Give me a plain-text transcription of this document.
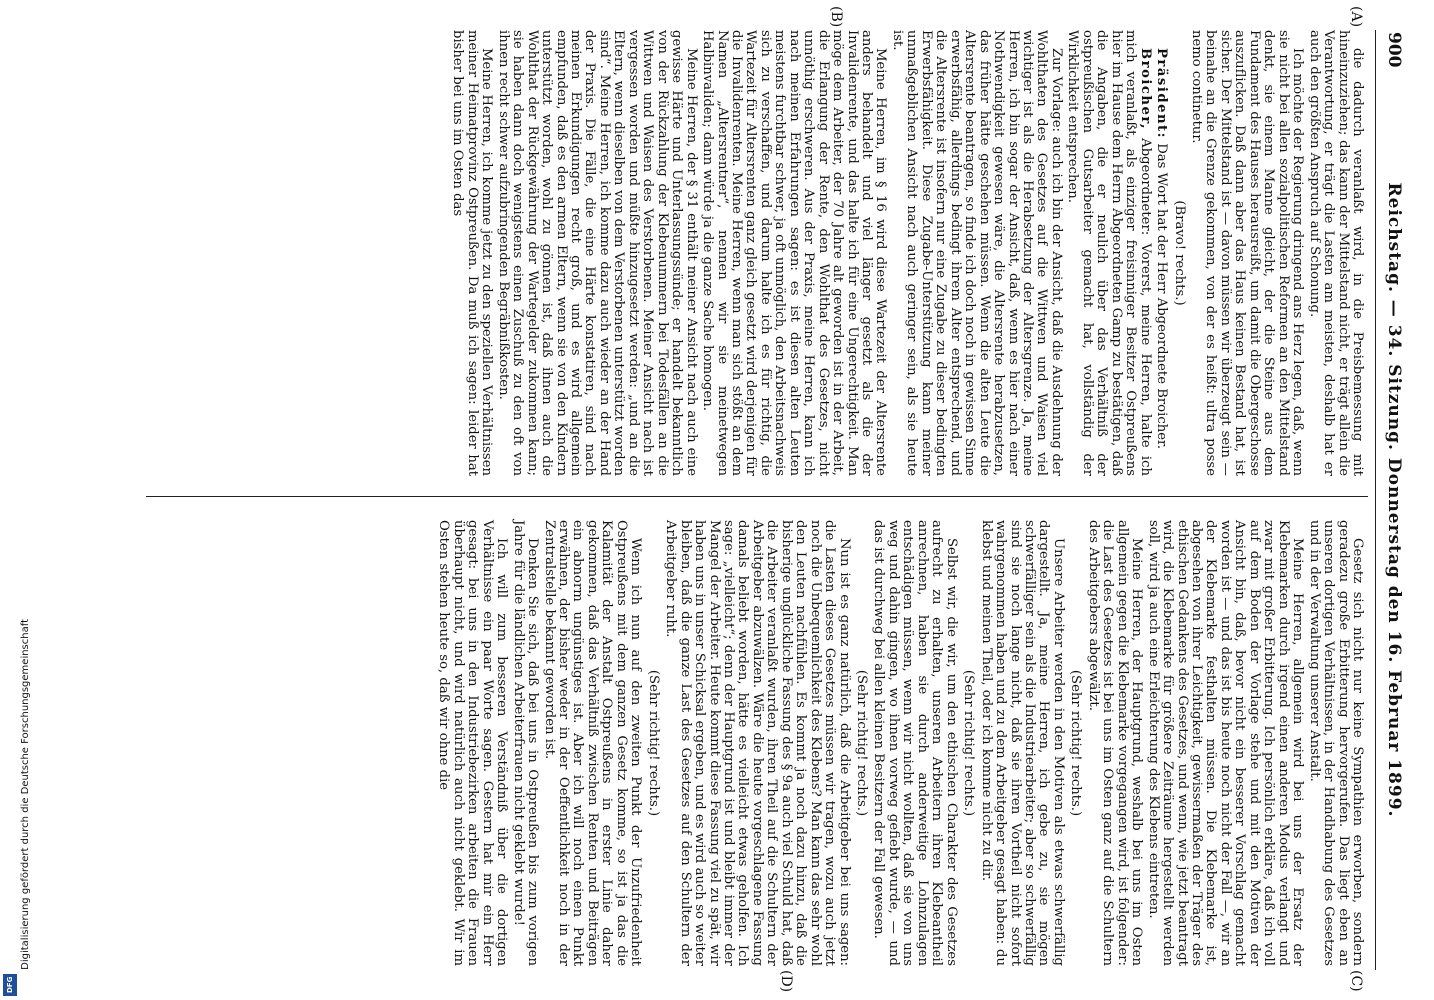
900
Reichstag. — 34. Sitzung. Donnerstag den 16. Februar 1899.
(A)
(B)
(C)
(D)

die dadurch veranlaßt wird, in die Preisbemessung mit hineinzuziehen; das kann der Mittelstand nicht, er trägt allein die Verantwortung, er trägt die Lasten am meisten, deshalb hat er auch den größten Anspruch auf Schonung.

Ich möchte der Regierung dringend ans Herz legen, daß, wenn sie nicht bei allen sozialpolitischen Reformen an den Mittelstand denkt, sie einem Manne gleicht, der die Steine aus dem Fundament des Hauses herausreißt, um damit die Obergeschosse auszuflicken. Daß dann aber das Haus keinen Bestand hat, ist sicher. Der Mittelstand ist — davon müssen wir überzeugt sein — beinahe an die Grenze gekommen, von der es heißt: ultra posse nemo continetur.

(Bravo! rechts.)

Präsident: Das Wort hat der Herr Abgeordnete Broicher.

Broicher, Abgeordneter: Vorerst, meine Herren, halte ich mich veranlaßt, als einziger freisinniger Besitzer Ostpreußens hier im Hause dem Herrn Abgeordneten Gamp zu bestätigen, daß die Angaben, die er neulich über das Verhältniß der ostpreußischen Gutsarbeiter gemacht hat, vollständig der Wirklichkeit entsprechen.

Zur Vorlage: auch ich bin der Ansicht, daß die Ausdehnung der Wohlthaten des Gesetzes auf die Wittwen und Waisen viel wichtiger ist als die Herabsetzung der Altersgrenze. Ja, meine Herren, ich bin sogar der Ansicht, daß, wenn es hier nach einer Nothwendigkeit gewesen wäre, die Altersrente herabzusetzen, das früher hätte geschehen müssen. Wenn die alten Leute die Altersrente beantragen, so finde ich doch noch in gewissen Sinne erwerbsfähig, allerdings bedingt ihrem Alter entsprechend, und die Altersrente ist insofern nur eine Zugabe zu dieser bedingten Erwerbsfähigkeit. Diese Zugabe-Unterstützung kann meiner unmaßgeblichen Ansicht nach auch geringer sein, als sie heute ist.

Meine Herren, im § 16 wird diese Wartezeit der Altersrente anders behandelt und viel länger gesetzt als die der Invalidenrente, und das halte ich für eine Ungerechtigkeit. Man möge dem Arbeiter, der 70 Jahre alt geworden ist in der Arbeit, die Erlangung der Rente, den Wohlthat des Gesetzes, nicht unnöthig erschweren. Aus der Praxis, meine Herren, kann ich nach meinen Erfahrungen sagen: es ist diesen alten Leuten meistens furchtbar schwer, ja oft unmöglich, den Arbeitsnachweis sich zu verschaffen, und darum halte ich es für richtig, die Wartezeit für Altersrenten ganz gleich gesetzt wird derjenigen für die Invalidenrenten. Meine Herren, wenn man sich stößt an dem Namen „Altersrentner“, nennen wir sie meinetwegen Halbinvaliden; dann würde ja die ganze Sache homogen.

Meine Herren, der § 31 enthält meiner Ansicht nach auch eine gewisse Härte und Unterlassungssünde; er handelt bekanntlich von der Rückzahlung der Klebenummern bei Todesfällen an die Wittwen und Waisen des Verstorbenen. Meiner Ansicht nach ist vergessen worden und müßte hinzugesetzt werden: „und an die Eltern, wenn dieselben von dem Verstorbenen unterstützt worden sind“. Meine Herren, ich komme dazu auch wieder an der Hand der Praxis. Die Fälle, die eine Härte konstatiren, sind nach meinen Erkundigungen recht groß, und es wird allgemein empfunden, daß es den armen Eltern, wenn sie von den Kindern unterstützt worden, wohl zu gönnen ist, daß ihnen auch die Wohlthat der Rückgewährung der Wartegelder zukommen kann; sie haben dann doch wenigstens einen Zuschuß zu den oft von ihnen recht schwer aufzubringenden Begräbnißkosten.

Meine Herren, ich komme jetzt zu den speziellen Verhältnissen meiner Heimatprovinz Ostpreußen. Da muß ich sagen: leider hat bisher bei uns im Osten das

Gesetz sich nicht nur keine Sympathien erworben, sondern geradezu große Erbitterung hervorgerufen. Das liegt eben an unseren dortigen Verhältnissen, in der Handhabung des Gesetzes und in der Verwaltung unserer Anstalt.

Meine Herren, allgemein wird bei uns der Ersatz der Klebemarken durch irgend einen anderen Modus verlangt und zwar mit großer Erbitterung. Ich persönlich erkläre, daß ich voll auf dem Boden der Vorlage stehe und mit den Motiven der Ansicht bin, daß, bevor nicht ein besserer Vorschlag gemacht worden ist — und das ist bis heute noch nicht der Fall —, wir an der Klebemarke festhalten müssen. Die Klebemarke ist, abgesehen von ihrer Leichtigkeit, gewissermaßen der Träger des ethischen Gedankens des Gesetzes, und wenn, wie jetzt beantragt wird, die Klebemarke für größere Zeiträume hergestellt werden soll, wird ja auch eine Erleichterung des Klebens eintreten.

Meine Herren, der Hauptgrund, weshalb bei uns im Osten allgemein gegen die Klebemarke vorgegangen wird, ist folgender: die Last des Gesetzes ist bei uns im Osten ganz auf die Schultern des Arbeitgebers abgewälzt.

(Sehr richtig! rechts.)

Unsere Arbeiter werden in den Motiven als etwas schwerfällig dargestellt. Ja, meine Herren, ich gebe zu, sie mögen schwerfälliger sein als die Industriearbeiter; aber so schwerfällig sind sie noch lange nicht, daß sie ihren Vortheil nicht sofort wahrgenommen haben und zu dem Arbeitgeber gesagt haben: du klebst und meinen Theil, oder ich komme nicht zu dir.

(Sehr richtig! rechts.)

Selbst wir, die wir, um den ethischen Charakter des Gesetzes aufrecht zu erhalten, unseren Arbeitern ihren Klebeantheil anrechnen, haben sie durch anderweitige Lohnzulagen entschädigen müssen, wenn wir nicht wollten, daß sie von uns weg und dahin gingen, wo ihnen vorweg gefiebt wurde, — und das ist durchweg bei allen kleinen Besitzern der Fall gewesen.

(Sehr richtig! rechts.)

Nun ist es ganz natürlich, daß die Arbeitgeber bei uns sagen: die Lasten dieses Gesetzes müssen wir tragen, wozu auch jetzt noch die Unbequemlichkeit des Klebens? Man kann das sehr wohl den Leuten nachfühlen. Es kommt ja noch dazu hinzu, daß die bisherige unglückliche Fassung des § 9a auch viel Schuld hat, daß die Arbeiter veranlaßt wurden, ihren Theil auf die Schultern der Arbeitgeber abzuwälzen. Wäre die heute vorgeschlagene Fassung damals beliebt worden, hätte es vielleicht etwas geholfen. Ich sage: „vielleicht“; denn der Hauptgrund ist und bleibt immer der Mangel der Arbeiter. Heute kommt diese Fassung viel zu spät, wir haben uns in unser Schicksal ergeben, und es wird auch so weiter bleiben, daß die ganze Last des Gesetzes auf den Schultern der Arbeitgeber ruht.

(Sehr richtig! rechts.)

Wenn ich nun auf den zweiten Punkt der Unzufriedenheit Ostpreußens mit dem ganzen Gesetz komme, so ist ja das die Kalamität der Anstalt Ostpreußens in erster Linie daher gekommen, daß das Verhältniß zwischen Renten und Beiträgen ein abnorm ungünstiges ist. Aber ich will noch einen Punkt erwähnen, der bisher weder in der Oeffentlichkeit noch in der Zentralstelle bekannt geworden ist.

Denken Sie sich, daß bei uns in Ostpreußen bis zum vorigen Jahre für die ländlichen Arbeiterfrauen nicht geklebt wurde!

Ich will zum besseren Verständniß über die dortigen Verhältnisse ein paar Worte sagen. Gestern hat mir ein Herr gesagt: bei uns in den Industriebezirken arbeiten die Frauen überhaupt nicht, und wird natürlich auch nicht geklebt. Wir im Osten stehen heute so, daß wir ohne die

DFG
Digitalisierung gefördert durch die Deutsche Forschungsgemeinschaft
